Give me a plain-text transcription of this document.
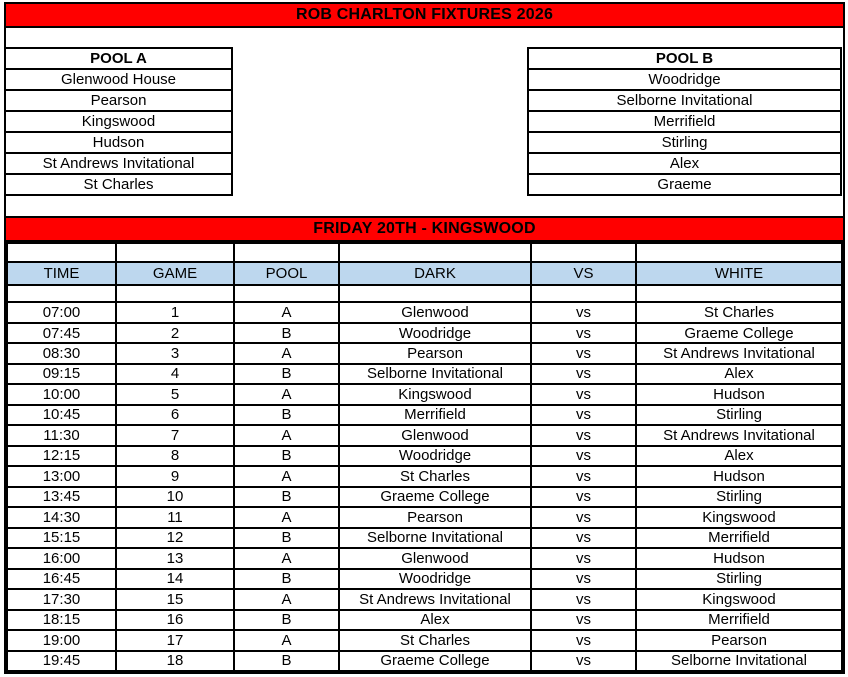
ROB CHARLTON FIXTURES 2026
POOL A
Glenwood House
Pearson
Kingswood
Hudson
St Andrews Invitational
St Charles
POOL B
Woodridge
Selborne Invitational
Merrifield
Stirling
Alex
Graeme
FRIDAY 20TH - KINGSWOOD

TIME	GAME	POOL	DARK	VS	WHITE

07:00	1	A	Glenwood	vs	St Charles
07:45	2	B	Woodridge	vs	Graeme College
08:30	3	A	Pearson	vs	St Andrews Invitational
09:15	4	B	Selborne Invitational	vs	Alex
10:00	5	A	Kingswood	vs	Hudson
10:45	6	B	Merrifield	vs	Stirling
11:30	7	A	Glenwood	vs	St Andrews Invitational
12:15	8	B	Woodridge	vs	Alex
13:00	9	A	St Charles	vs	Hudson
13:45	10	B	Graeme College	vs	Stirling
14:30	11	A	Pearson	vs	Kingswood
15:15	12	B	Selborne Invitational	vs	Merrifield
16:00	13	A	Glenwood	vs	Hudson
16:45	14	B	Woodridge	vs	Stirling
17:30	15	A	St Andrews Invitational	vs	Kingswood
18:15	16	B	Alex	vs	Merrifield
19:00	17	A	St Charles	vs	Pearson
19:45	18	B	Graeme College	vs	Selborne Invitational
